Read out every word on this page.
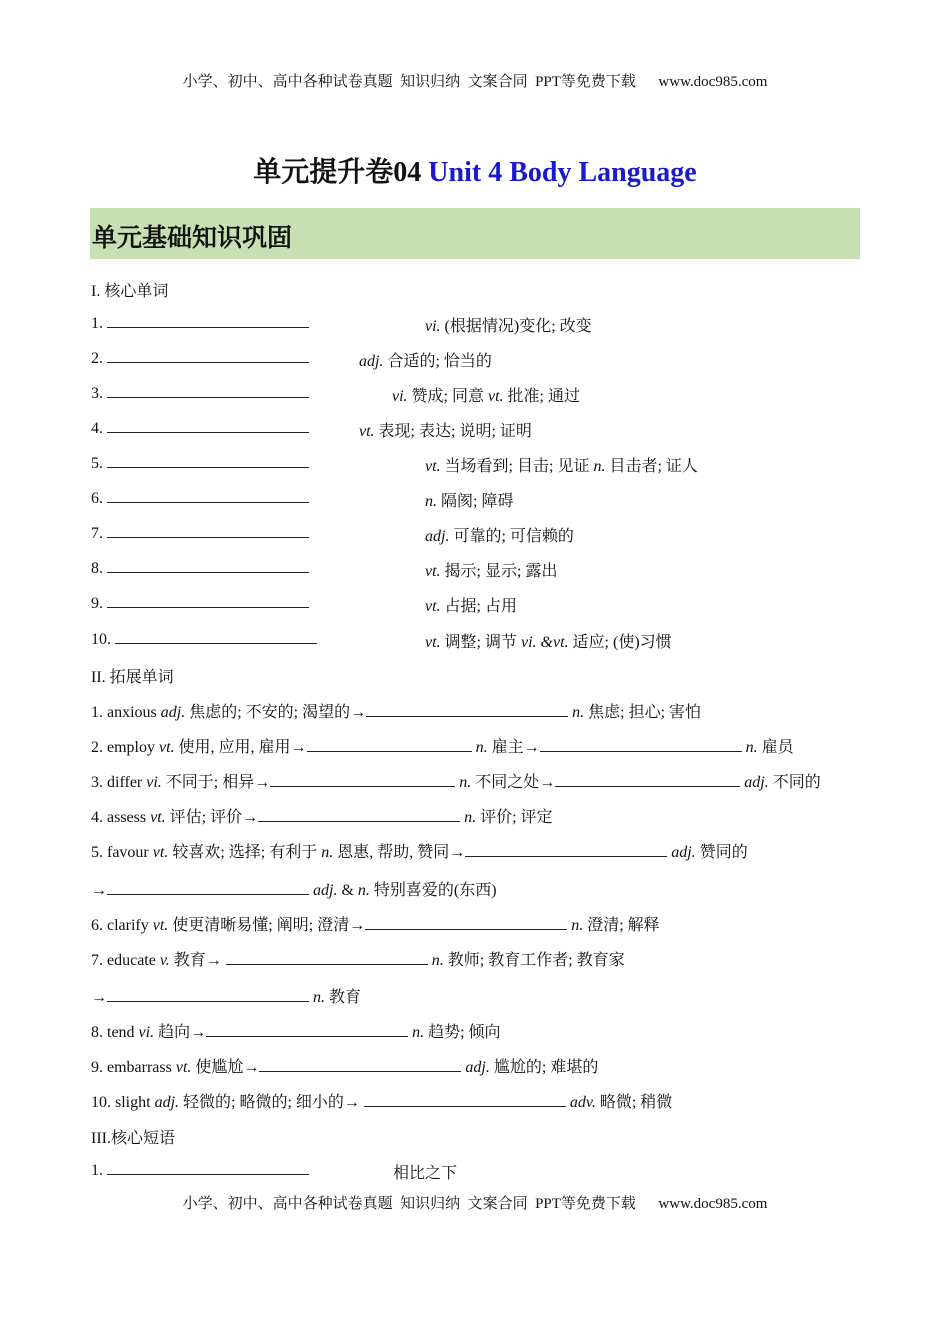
小学、初中、高中各种试卷真题  知识归纳  文案合同  PPT等免费下载      www.doc985.com
单元提升卷04 Unit 4 Body Language
单元基础知识巩固
I. 核心单词
1.	vi. (根据情况)变化; 改变
2.	adj. 合适的; 恰当的
3.	vi. 赞成; 同意 vt. 批准; 通过
4.	vt. 表现; 表达; 说明; 证明
5.	vt. 当场看到; 目击; 见证 n. 目击者; 证人
6.	n. 隔阂; 障碍
7.	adj. 可靠的; 可信赖的
8.	vt. 揭示; 显示; 露出
9.	vt. 占据; 占用
10.	vt. 调整; 调节 vi. &vt. 适应; (使)习惯
II. 拓展单词
1. anxious adj. 焦虑的; 不安的; 渴望的→	n. 焦虑; 担心; 害怕
2. employ vt. 使用, 应用, 雇用→	n. 雇主→	n. 雇员
3. differ vi. 不同于; 相异→	n. 不同之处→	adj. 不同的
4. assess vt. 评估; 评价→	n. 评价; 评定
5. favour vt. 较喜欢; 选择; 有利于 n. 恩惠, 帮助, 赞同→	adj. 赞同的
→	adj. & n. 特别喜爱的(东西)
6. clarify vt. 使更清晰易懂; 阐明; 澄清→	n. 澄清; 解释
7. educate v. 教育→	n. 教师; 教育工作者; 教育家
→	n. 教育
8. tend vi. 趋向→	n. 趋势; 倾向
9. embarrass vt. 使尴尬→	adj. 尴尬的; 难堪的
10. slight adj. 轻微的; 略微的; 细小的→	adv. 略微; 稍微
III.核心短语
1.	相比之下
小学、初中、高中各种试卷真题  知识归纳  文案合同  PPT等免费下载      www.doc985.com
